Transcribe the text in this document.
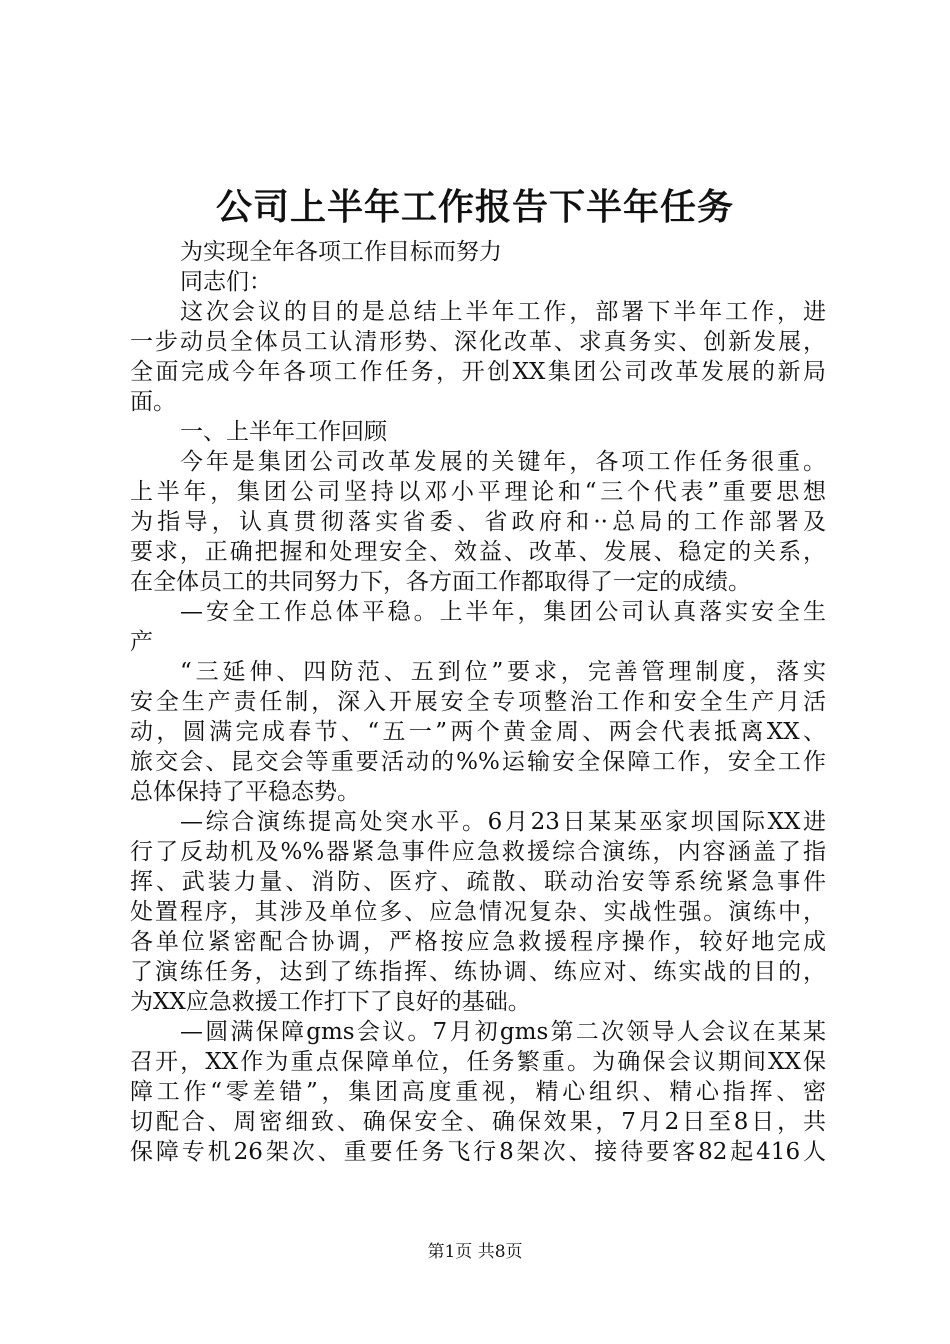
公司上半年工作报告下半年任务
为实现全年各项工作目标而努力
同志们：
这次会议的目的是总结上半年工作，部署下半年工作，进
一步动员全体员工认清形势、深化改革、求真务实、创新发展，
全面完成今年各项工作任务，开创XX集团公司改革发展的新局
面。
一、上半年工作回顾
今年是集团公司改革发展的关键年，各项工作任务很重。
上半年，集团公司坚持以邓小平理论和“三个代表”重要思想
为指导，认真贯彻落实省委、省政府和··总局的工作部署及
要求，正确把握和处理安全、效益、改革、发展、稳定的关系，
在全体员工的共同努力下，各方面工作都取得了一定的成绩。
—安全工作总体平稳。上半年，集团公司认真落实安全生
产
“三延伸、四防范、五到位”要求，完善管理制度，落实
安全生产责任制，深入开展安全专项整治工作和安全生产月活
动，圆满完成春节、“五一”两个黄金周、两会代表抵离XX、
旅交会、昆交会等重要活动的%%运输安全保障工作，安全工作
总体保持了平稳态势。
—综合演练提高处突水平。6月23日某某巫家坝国际XX进
行了反劫机及%%器紧急事件应急救援综合演练，内容涵盖了指
挥、武装力量、消防、医疗、疏散、联动治安等系统紧急事件
处置程序，其涉及单位多、应急情况复杂、实战性强。演练中，
各单位紧密配合协调，严格按应急救援程序操作，较好地完成
了演练任务，达到了练指挥、练协调、练应对、练实战的目的，
为XX应急救援工作打下了良好的基础。
—圆满保障gms会议。7月初gms第二次领导人会议在某某
召开，XX作为重点保障单位，任务繁重。为确保会议期间XX保
障工作“零差错”，集团高度重视，精心组织、精心指挥、密
切配合、周密细致、确保安全、确保效果，7月2日至8日，共
保障专机26架次、重要任务飞行8架次、接待要客82起416人
第1页 共8页
